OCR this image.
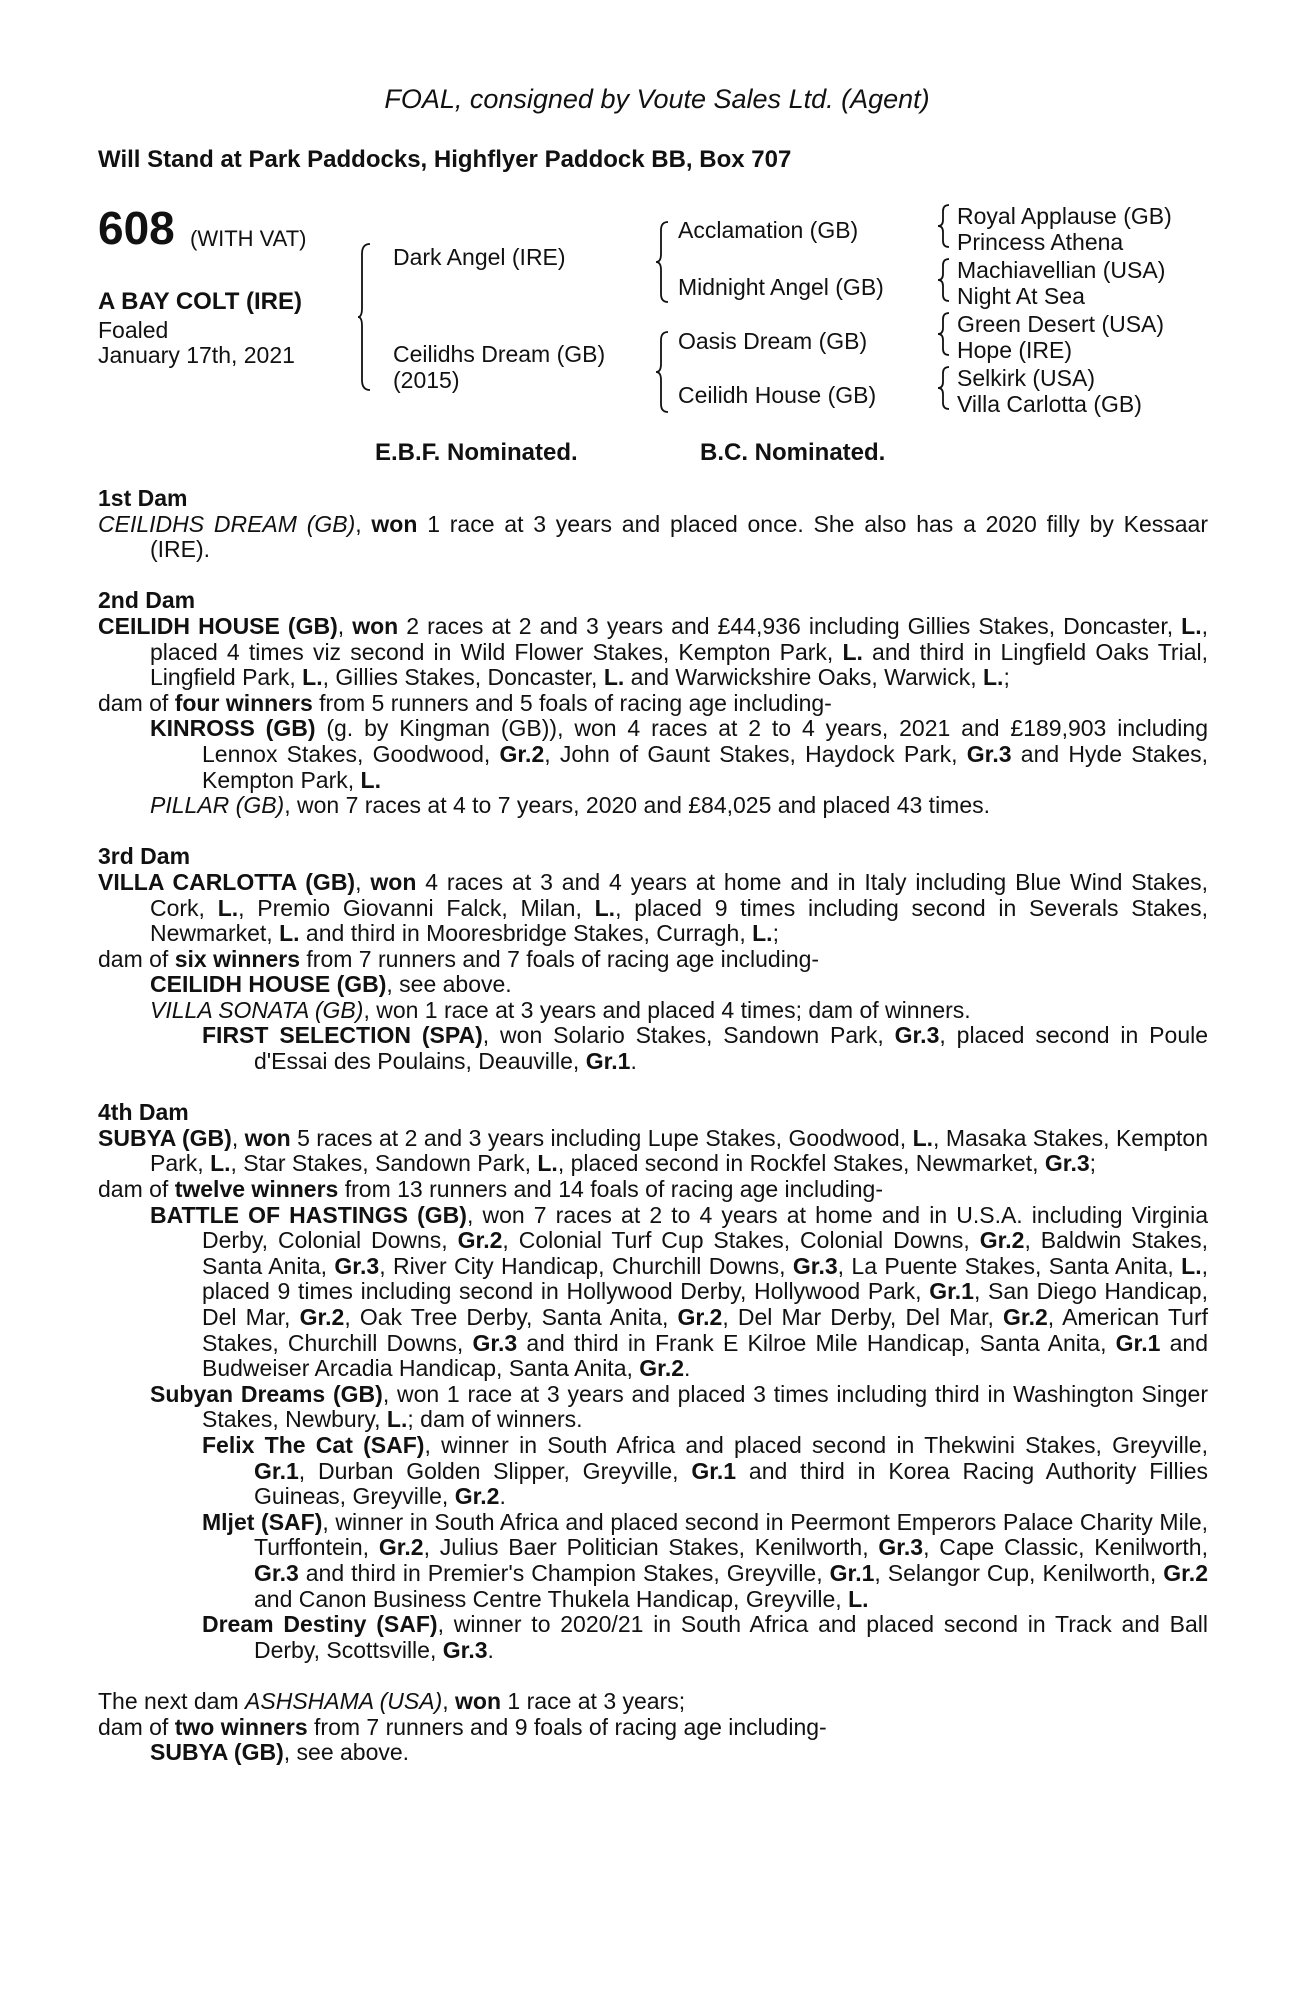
FOAL, consigned by Voute Sales Ltd. (Agent)
Will Stand at Park Paddocks, Highflyer Paddock BB, Box 707
608 (WITH VAT)
A BAY COLT (IRE)
Foaled
January 17th, 2021
Dark Angel (IRE)
Ceilidhs Dream (GB)
(2015)
Acclamation (GB)
Midnight Angel (GB)
Oasis Dream (GB)
Ceilidh House (GB)
Royal Applause (GB)
Princess Athena
Machiavellian (USA)
Night At Sea
Green Desert (USA)
Hope (IRE)
Selkirk (USA)
Villa Carlotta (GB)
E.B.F. Nominated.	B.C. Nominated.

1st Dam

CEILIDHS DREAM (GB), won 1 race at 3 years and placed once. She also has a 2020 filly by Kessaar (IRE).

2nd Dam

CEILIDH HOUSE (GB), won 2 races at 2 and 3 years and £44,936 including Gillies Stakes, Doncaster, L., placed 4 times viz second in Wild Flower Stakes, Kempton Park, L. and third in Lingfield Oaks Trial, Lingfield Park, L., Gillies Stakes, Doncaster, L. and Warwickshire Oaks, Warwick, L.;

dam of four winners from 5 runners and 5 foals of racing age including-

KINROSS (GB) (g. by Kingman (GB)), won 4 races at 2 to 4 years, 2021 and £189,903 including Lennox Stakes, Goodwood, Gr.2, John of Gaunt Stakes, Haydock Park, Gr.3 and Hyde Stakes, Kempton Park, L.

PILLAR (GB), won 7 races at 4 to 7 years, 2020 and £84,025 and placed 43 times.

3rd Dam

VILLA CARLOTTA (GB), won 4 races at 3 and 4 years at home and in Italy including Blue Wind Stakes, Cork, L., Premio Giovanni Falck, Milan, L., placed 9 times including second in Severals Stakes, Newmarket, L. and third in Mooresbridge Stakes, Curragh, L.;

dam of six winners from 7 runners and 7 foals of racing age including-

CEILIDH HOUSE (GB), see above.

VILLA SONATA (GB), won 1 race at 3 years and placed 4 times; dam of winners.

FIRST SELECTION (SPA), won Solario Stakes, Sandown Park, Gr.3, placed second in Poule d'Essai des Poulains, Deauville, Gr.1.

4th Dam

SUBYA (GB), won 5 races at 2 and 3 years including Lupe Stakes, Goodwood, L., Masaka Stakes, Kempton Park, L., Star Stakes, Sandown Park, L., placed second in Rockfel Stakes, Newmarket, Gr.3;

dam of twelve winners from 13 runners and 14 foals of racing age including-

BATTLE OF HASTINGS (GB), won 7 races at 2 to 4 years at home and in U.S.A. including Virginia Derby, Colonial Downs, Gr.2, Colonial Turf Cup Stakes, Colonial Downs, Gr.2, Baldwin Stakes, Santa Anita, Gr.3, River City Handicap, Churchill Downs, Gr.3, La Puente Stakes, Santa Anita, L., placed 9 times including second in Hollywood Derby, Hollywood Park, Gr.1, San Diego Handicap, Del Mar, Gr.2, Oak Tree Derby, Santa Anita, Gr.2, Del Mar Derby, Del Mar, Gr.2, American Turf Stakes, Churchill Downs, Gr.3 and third in Frank E Kilroe Mile Handicap, Santa Anita, Gr.1 and Budweiser Arcadia Handicap, Santa Anita, Gr.2.

Subyan Dreams (GB), won 1 race at 3 years and placed 3 times including third in Washington Singer Stakes, Newbury, L.; dam of winners.

Felix The Cat (SAF), winner in South Africa and placed second in Thekwini Stakes, Greyville, Gr.1, Durban Golden Slipper, Greyville, Gr.1 and third in Korea Racing Authority Fillies Guineas, Greyville, Gr.2.

Mljet (SAF), winner in South Africa and placed second in Peermont Emperors Palace Charity Mile, Turffontein, Gr.2, Julius Baer Politician Stakes, Kenilworth, Gr.3, Cape Classic, Kenilworth, Gr.3 and third in Premier's Champion Stakes, Greyville, Gr.1, Selangor Cup, Kenilworth, Gr.2 and Canon Business Centre Thukela Handicap, Greyville, L.

Dream Destiny (SAF), winner to 2020/21 in South Africa and placed second in Track and Ball Derby, Scottsville, Gr.3.

The next dam ASHSHAMA (USA), won 1 race at 3 years;

dam of two winners from 7 runners and 9 foals of racing age including-

SUBYA (GB), see above.
